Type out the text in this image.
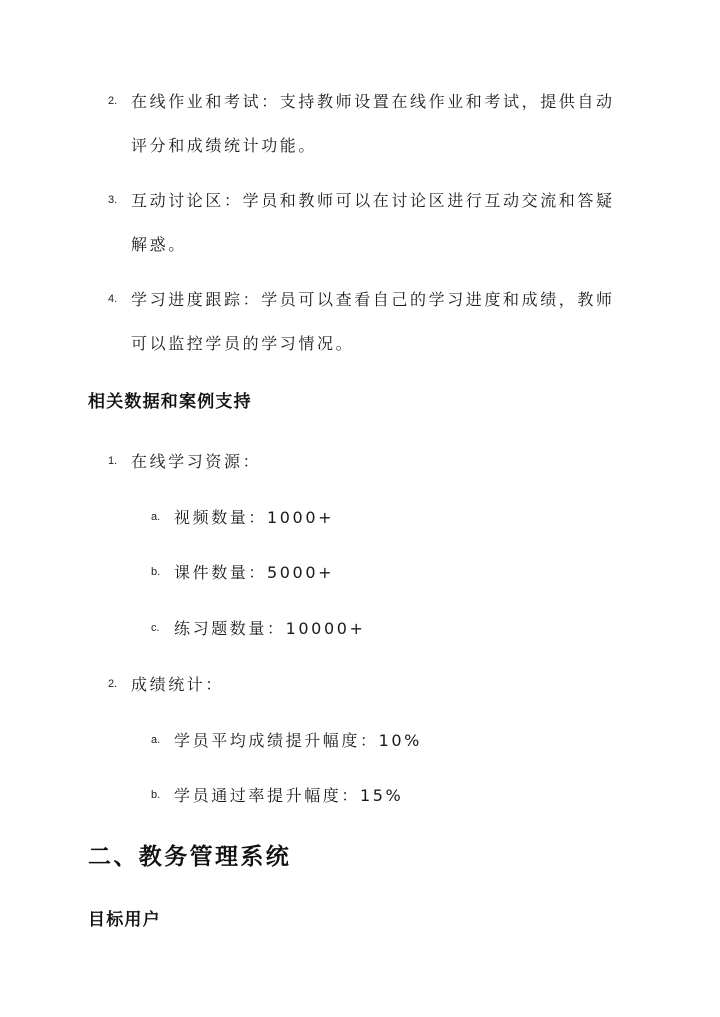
2. 在线作业和考试：支持教师设置在线作业和考试，提供自动
评分和成绩统计功能。
3. 互动讨论区：学员和教师可以在讨论区进行互动交流和答疑
解惑。
4. 学习进度跟踪：学员可以查看自己的学习进度和成绩，教师
可以监控学员的学习情况。
相关数据和案例支持
1. 在线学习资源：
a. 视频数量：1000+
b. 课件数量：5000+
c. 练习题数量：10000+
2. 成绩统计：
a. 学员平均成绩提升幅度：10%
b. 学员通过率提升幅度：15%
二、教务管理系统
目标用户
